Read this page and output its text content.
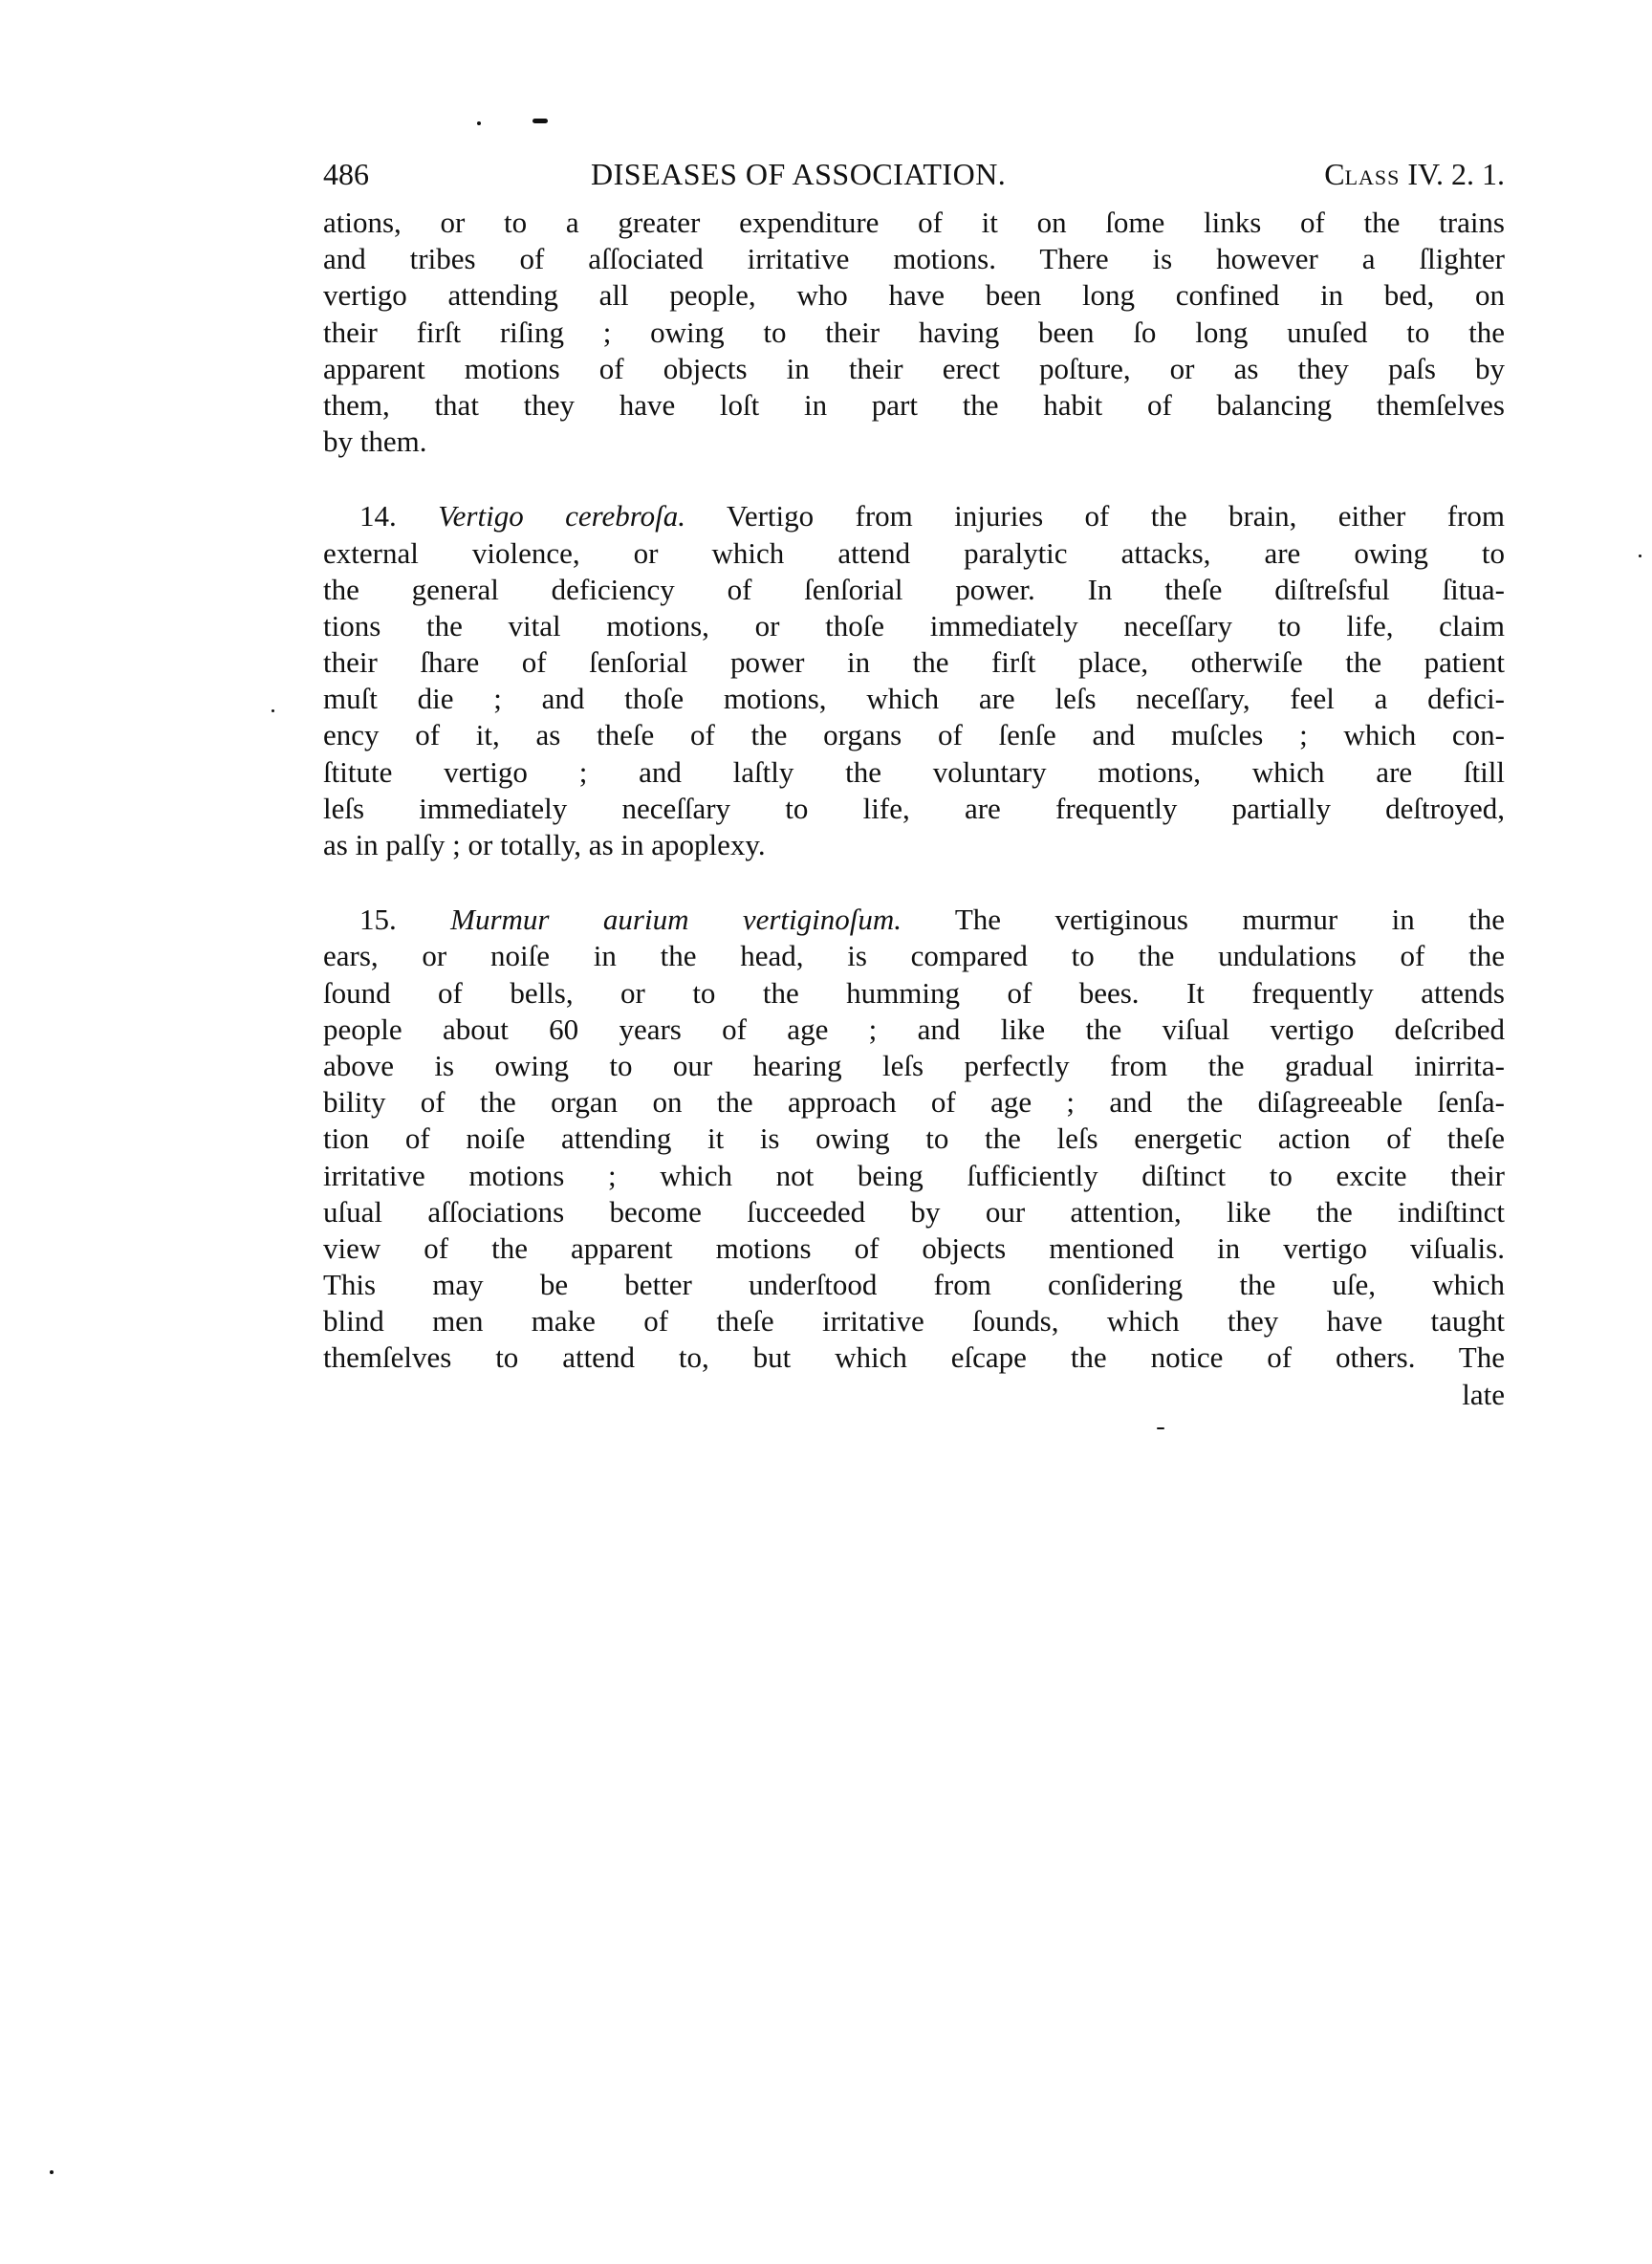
486	DISEASES OF ASSOCIATION.	CLASS IV. 2. 1.
ations, or to a greater expenditure of it on ſome links of the trains
and tribes of aſſociated irritative motions. There is however a ſlighter
vertigo attending all people, who have been long confined in bed, on
their firſt riſing ; owing to their having been ſo long unuſed to the
apparent motions of objects in their erect poſture, or as they paſs by
them, that they have loſt in part the habit of balancing themſelves
by them.
14. Vertigo cerebroſa. Vertigo from injuries of the brain, either from
external violence, or which attend paralytic attacks, are owing to
the general deficiency of ſenſorial power. In theſe diſtreſsful ſitua-
tions the vital motions, or thoſe immediately neceſſary to life, claim
their ſhare of ſenſorial power in the firſt place, otherwiſe the patient
muſt die ; and thoſe motions, which are leſs neceſſary, feel a defici-
ency of it, as theſe of the organs of ſenſe and muſcles ; which con-
ſtitute vertigo ; and laſtly the voluntary motions, which are ſtill
leſs immediately neceſſary to life, are frequently partially deſtroyed,
as in palſy ; or totally, as in apoplexy.
15. Murmur aurium vertiginoſum. The vertiginous murmur in the
ears, or noiſe in the head, is compared to the undulations of the
ſound of bells, or to the humming of bees. It frequently attends
people about 60 years of age ; and like the viſual vertigo deſcribed
above is owing to our hearing leſs perfectly from the gradual inirrita-
bility of the organ on the approach of age ; and the diſagreeable ſenſa-
tion of noiſe attending it is owing to the leſs energetic action of theſe
irritative motions ; which not being ſufficiently diſtinct to excite their
uſual aſſociations become ſucceeded by our attention, like the indiſtinct
view of the apparent motions of objects mentioned in vertigo viſualis.
This may be better underſtood from conſidering the uſe, which
blind men make of theſe irritative ſounds, which they have taught
themſelves to attend to, but which eſcape the notice of others. The
late
